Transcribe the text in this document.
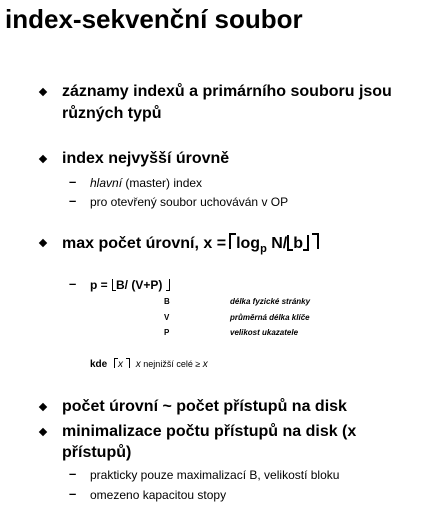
index-sekvenční soubor
záznamy indexů a primárního souboru jsou
různých typů
index nejvyšší úrovně
– hlavní (master) index
– pro otevřený soubor uchováván v OP
max počet úrovní, $x = \log_p N/$ b
– p = B/ (V+P)
B	délka fyzické stránky
V	průměrná délka klíče
P	velikost ukazatele
kde x x nejnižší celé ≥ x
počet úrovní ~ počet přístupů na disk
minimalizace počtu přístupů na disk (x
přístupů)
– prakticky pouze maximalizací B, velikostí bloku
– omezeno kapacitou stopy
